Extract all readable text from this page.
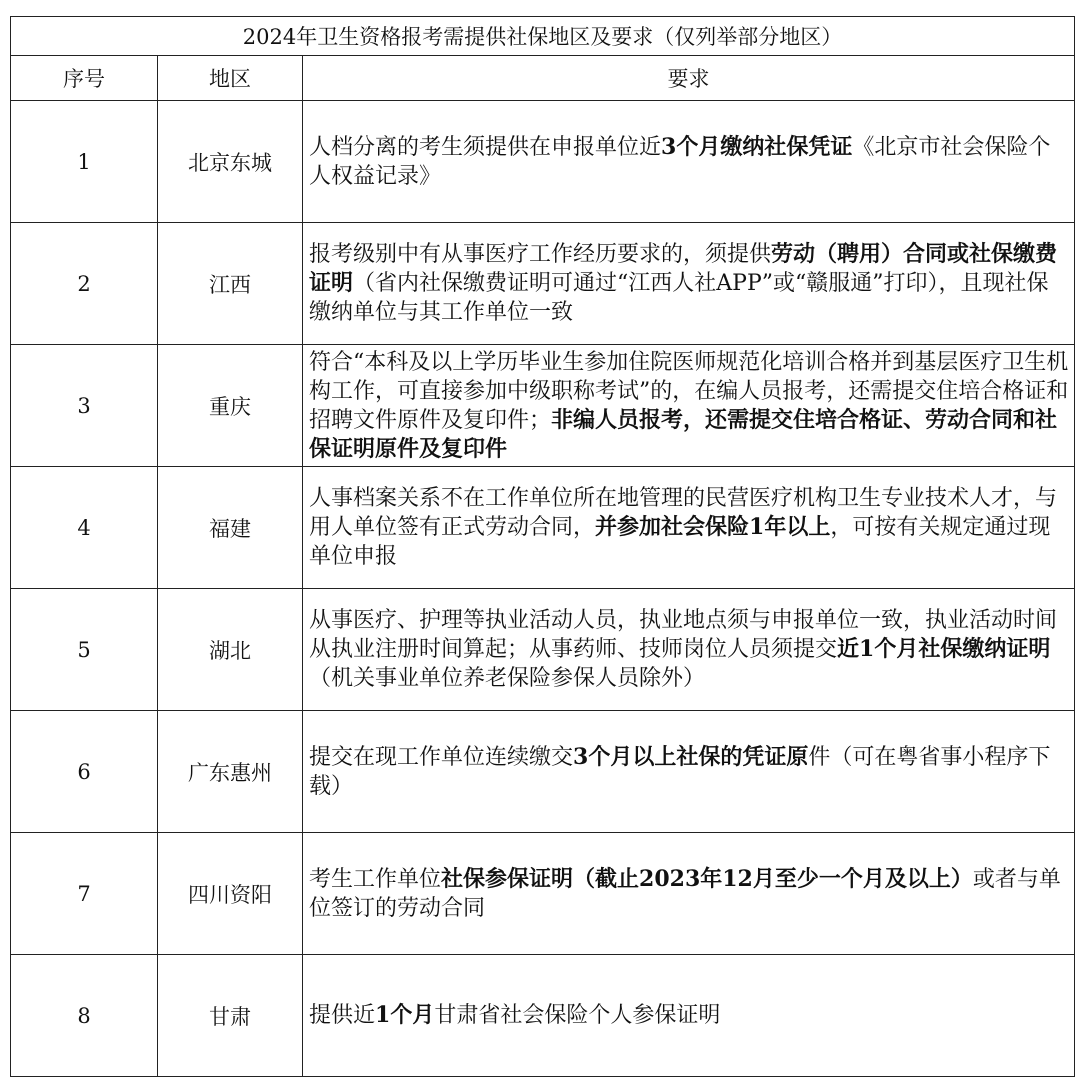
2024年卫生资格报考需提供社保地区及要求（仅列举部分地区）		
序号	地区	要求
1	北京东城	人档分离的考生须提供在申报单位近3个月缴纳社保凭证《北京市社会保险个人权益记录》
2	江西	报考级别中有从事医疗工作经历要求的，须提供劳动（聘用）合同或社保缴费证明（省内社保缴费证明可通过“江西人社APP”或“赣服通”打印），且现社保缴纳单位与其工作单位一致
3	重庆	符合“本科及以上学历毕业生参加住院医师规范化培训合格并到基层医疗卫生机构工作，可直接参加中级职称考试”的，在编人员报考，还需提交住培合格证和招聘文件原件及复印件；非编人员报考，还需提交住培合格证、劳动合同和社保证明原件及复印件
4	福建	人事档案关系不在工作单位所在地管理的民营医疗机构卫生专业技术人才，与用人单位签有正式劳动合同，并参加社会保险1年以上，可按有关规定通过现单位申报
5	湖北	从事医疗、护理等执业活动人员，执业地点须与申报单位一致，执业活动时间从执业注册时间算起；从事药师、技师岗位人员须提交近1个月社保缴纳证明（机关事业单位养老保险参保人员除外）
6	广东惠州	提交在现工作单位连续缴交3个月以上社保的凭证原件（可在粤省事小程序下载）
7	四川资阳	考生工作单位社保参保证明（截止2023年12月至少一个月及以上）或者与单位签订的劳动合同
8	甘肃	提供近1个月甘肃省社会保险个人参保证明
